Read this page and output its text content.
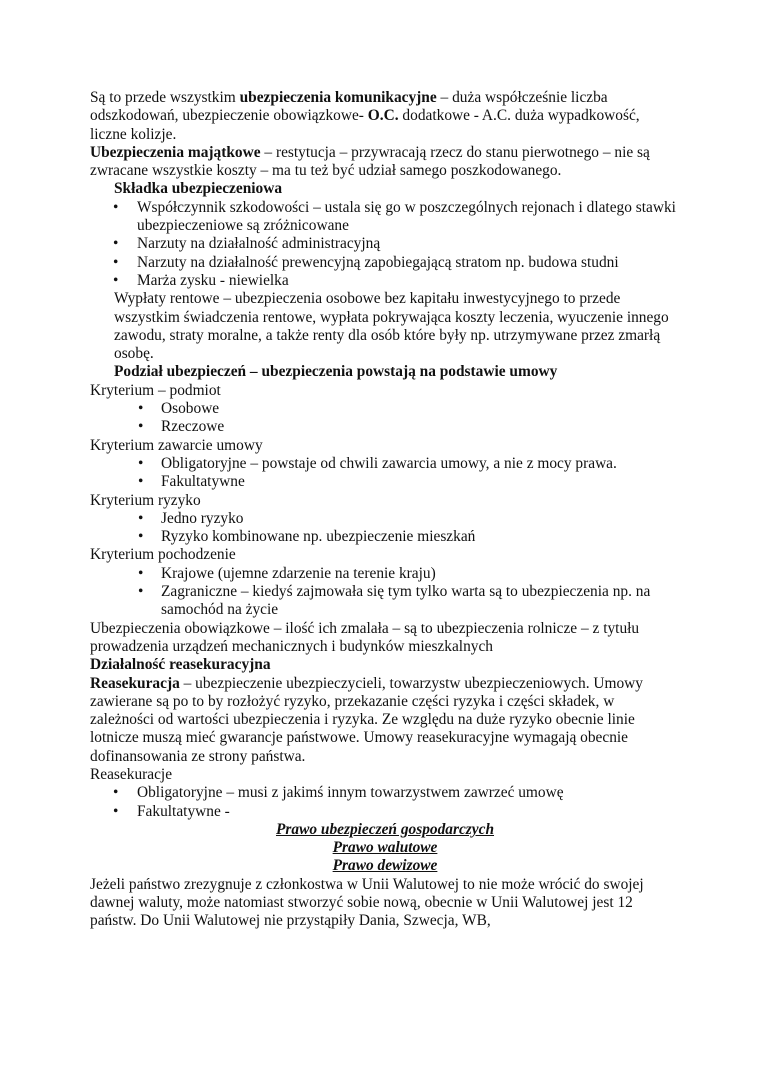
Są to przede wszystkim ubezpieczenia komunikacyjne – duża współcześnie liczba odszkodowań, ubezpieczenie obowiązkowe- O.C. dodatkowe - A.C. duża wypadkowość, liczne kolizje.

Ubezpieczenia majątkowe – restytucja – przywracają rzecz do stanu pierwotnego – nie są zwracane wszystkie koszty – ma tu też być udział samego poszkodowanego.

Składka ubezpieczeniowa

• Współczynnik szkodowości – ustala się go w poszczególnych rejonach i dlatego stawki ubezpieczeniowe są zróżnicowane
• Narzuty na działalność administracyjną
• Narzuty na działalność prewencyjną zapobiegającą stratom np. budowa studni
• Marża zysku - niewielka

Wypłaty rentowe – ubezpieczenia osobowe bez kapitału inwestycyjnego to przede wszystkim świadczenia rentowe, wypłata pokrywająca koszty leczenia, wyuczenie innego zawodu, straty moralne, a także renty dla osób które były np. utrzymywane przez zmarłą osobę.

Podział ubezpieczeń – ubezpieczenia powstają na podstawie umowy

Kryterium – podmiot

• Osobowe
• Rzeczowe

Kryterium zawarcie umowy

• Obligatoryjne – powstaje od chwili zawarcia umowy, a nie z mocy prawa.
• Fakultatywne

Kryterium ryzyko

• Jedno ryzyko
• Ryzyko kombinowane np. ubezpieczenie mieszkań

Kryterium pochodzenie

• Krajowe (ujemne zdarzenie na terenie kraju)
• Zagraniczne – kiedyś zajmowała się tym tylko warta są to ubezpieczenia np. na samochód na życie

Ubezpieczenia obowiązkowe – ilość ich zmalała – są to ubezpieczenia rolnicze – z tytułu prowadzenia urządzeń mechanicznych i budynków mieszkalnych

Działalność reasekuracyjna

Reasekuracja – ubezpieczenie ubezpieczycieli, towarzystw ubezpieczeniowych. Umowy zawierane są po to by rozłożyć ryzyko, przekazanie części ryzyka i części składek, w zależności od wartości ubezpieczenia i ryzyka. Ze względu na duże ryzyko obecnie linie lotnicze muszą mieć gwarancje państwowe. Umowy reasekuracyjne wymagają obecnie dofinansowania ze strony państwa.

Reasekuracje

• Obligatoryjne – musi z jakimś innym towarzystwem zawrzeć umowę
• Fakultatywne -

Prawo ubezpieczeń gospodarczych

Prawo walutowe

Prawo dewizowe

Jeżeli państwo zrezygnuje z członkostwa w Unii Walutowej to nie może wrócić do swojej dawnej waluty, może natomiast stworzyć sobie nową, obecnie w Unii Walutowej jest 12 państw. Do Unii Walutowej nie przystąpiły Dania, Szwecja, WB,
